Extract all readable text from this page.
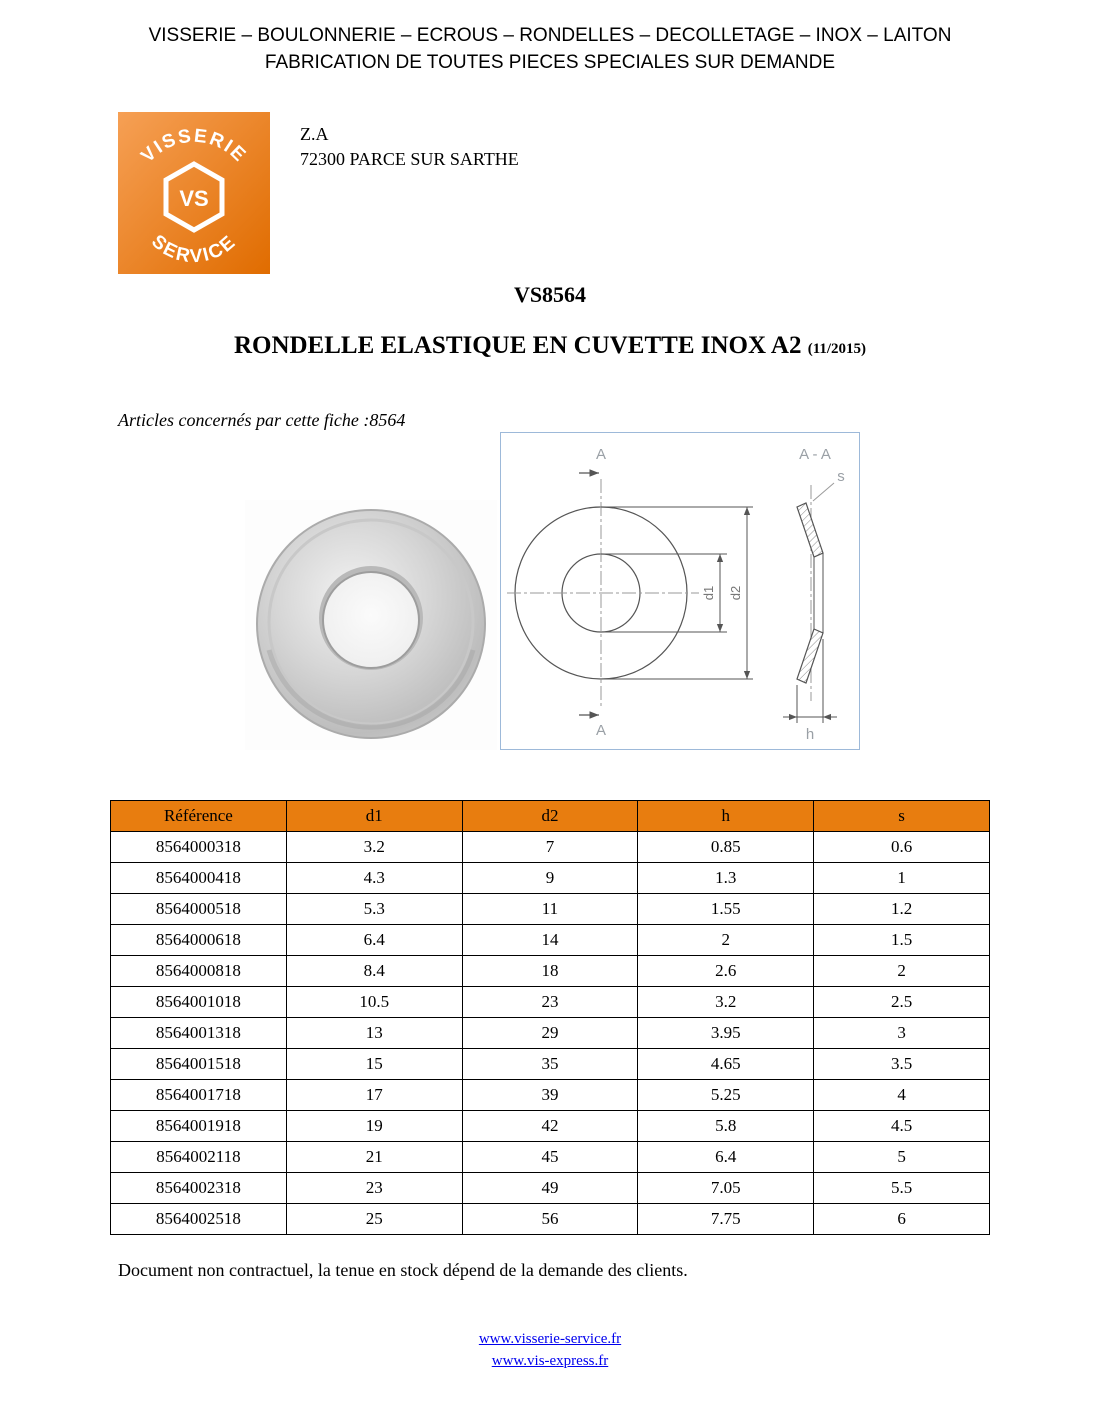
VISSERIE – BOULONNERIE – ECROUS – RONDELLES – DECOLLETAGE – INOX – LAITON
FABRICATION DE TOUTES PIECES SPECIALES SUR DEMANDE
VISSERIE
SERVICE
VS
Z.A
72300 PARCE SUR SARTHE
VS8564
RONDELLE ELASTIQUE EN CUVETTE INOX A2 (11/2015)
Articles concernés par cette fiche :8564
A
A
d1 d2
A - A
s
h
Référence	d1	d2	h	s
8564000318	3.2	7	0.85	0.6
8564000418	4.3	9	1.3	1
8564000518	5.3	11	1.55	1.2
8564000618	6.4	14	2	1.5
8564000818	8.4	18	2.6	2
8564001018	10.5	23	3.2	2.5
8564001318	13	29	3.95	3
8564001518	15	35	4.65	3.5
8564001718	17	39	5.25	4
8564001918	19	42	5.8	4.5
8564002118	21	45	6.4	5
8564002318	23	49	7.05	5.5
8564002518	25	56	7.75	6
Document non contractuel, la tenue en stock dépend de la demande des clients.
www.visserie-service.fr
www.vis-express.fr
